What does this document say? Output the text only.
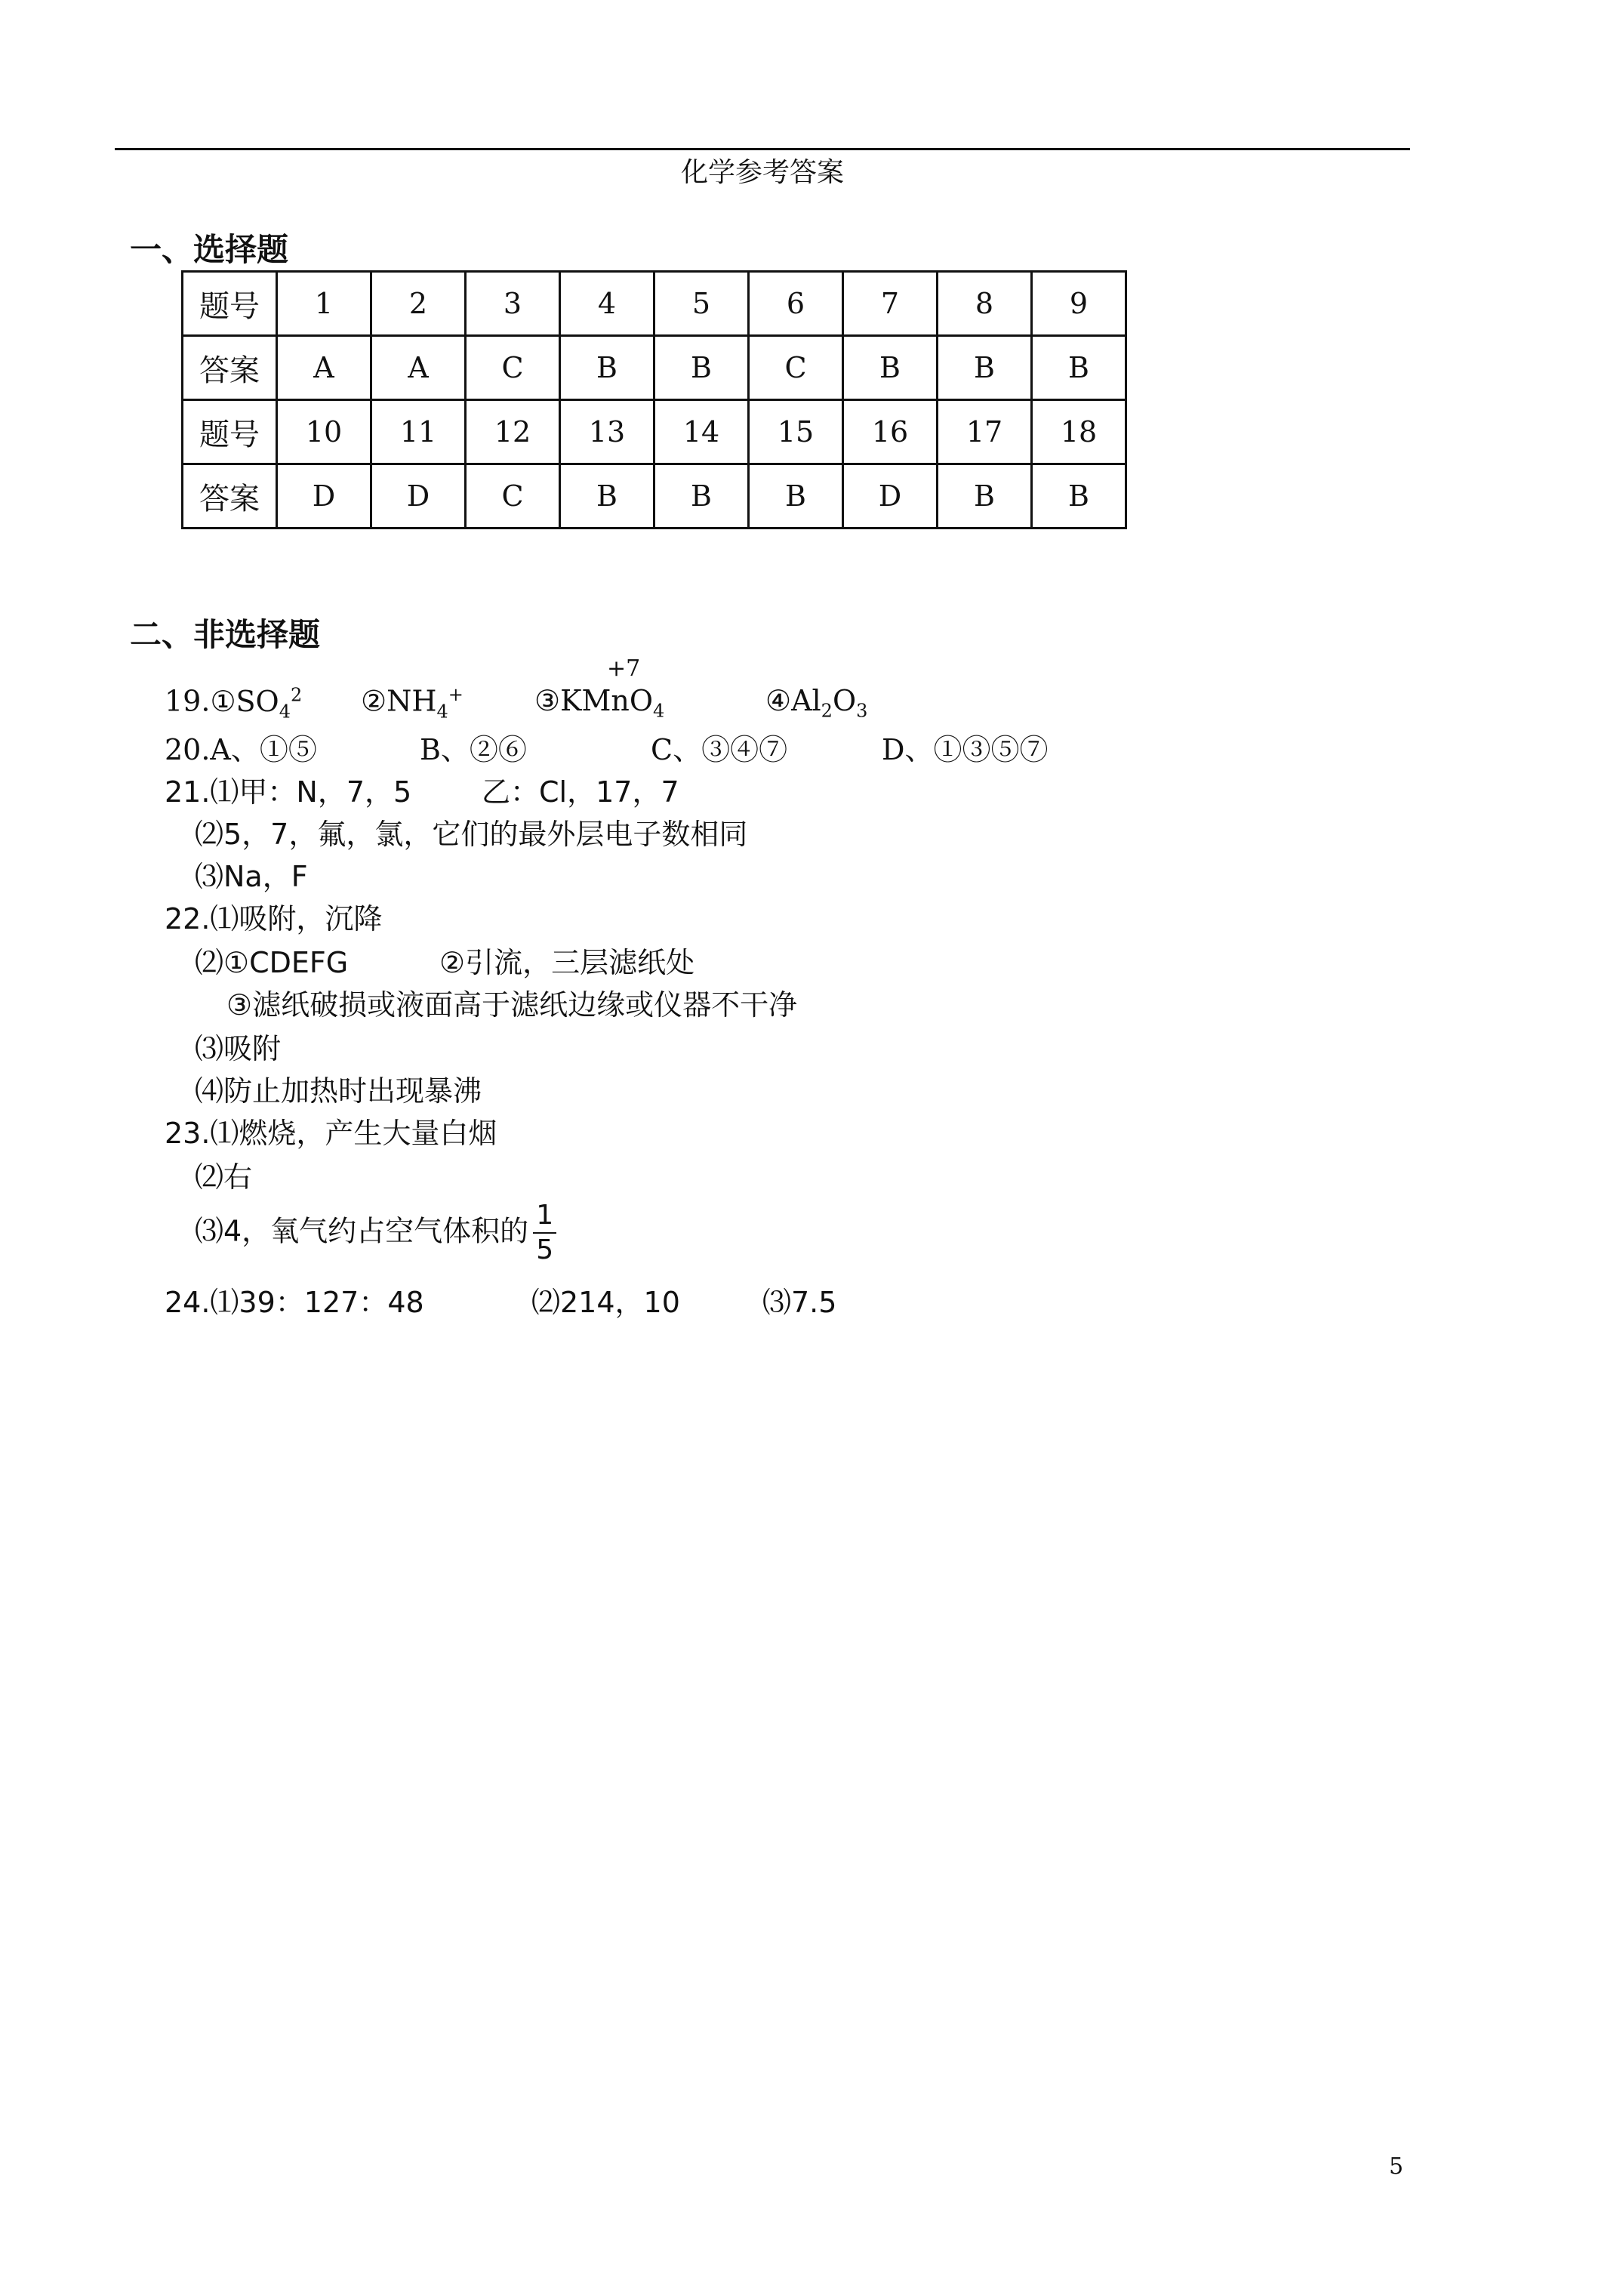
化学参考答案
一、选择题
题号	1	2	3	4	5	6	7	8	9
答案	A	A	C	B	B	C	B	B	B
题号	10	11	12	13	14	15	16	17	18
答案	D	D	C	B	B	B	D	B	B
二、非选择题
$19.①SO_4^2$ $②NH_4^+$
+7
③KMnO$_4$	$④Al_2O_3$
20.A、①⑤	B、②⑥	C、③④⑦	D、①③⑤⑦
21.⑴甲：N，7，5 乙：Cl，17，7
⑵5，7，氟，氯，它们的最外层电子数相同
⑶Na，F
22.⑴吸附，沉降
⑵①CDEFG	②引流，三层滤纸处
③滤纸破损或液面高于滤纸边缘或仪器不干净
⑶吸附
⑷防止加热时出现暴沸
23.⑴燃烧，产生大量白烟
⑵右
⑶4，氧气约占空气体积的 $\frac{1}{5}$
24.⑴39：127：48	⑵214，10	⑶7.5
5
